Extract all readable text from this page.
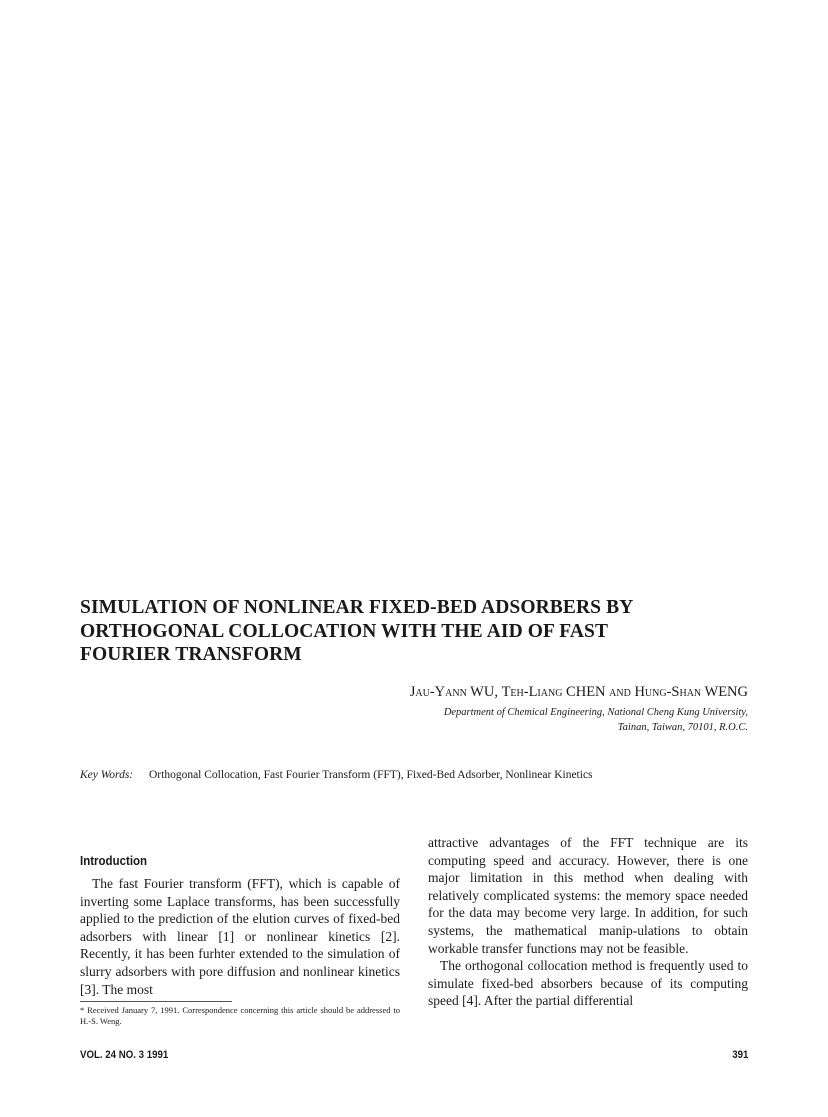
SIMULATION OF NONLINEAR FIXED-BED ADSORBERS BY
ORTHOGONAL COLLOCATION WITH THE AID OF FAST
FOURIER TRANSFORM
Jau-Yann WU, Teh-Liang CHEN and Hung-Shan WENG
Department of Chemical Engineering, National Cheng Kung University,
Tainan, Taiwan, 70101, R.O.C.
Key Words: Orthogonal Collocation, Fast Fourier Transform (FFT), Fixed-Bed Adsorber, Nonlinear Kinetics
Introduction

The fast Fourier transform (FFT), which is capable of inverting some Laplace transforms, has been successfully applied to the prediction of the elution curves of fixed-bed adsorbers with linear [1] or nonlinear kinetics [2]. Recently, it has been furhter extended to the simulation of slurry adsorbers with pore diffusion and nonlinear kinetics [3]. The most

attractive advantages of the FFT technique are its computing speed and accuracy. However, there is one major limitation in this method when dealing with relatively complicated systems: the memory space needed for the data may become very large. In addition, for such systems, the mathematical manip-ulations to obtain workable transfer functions may not be feasible.

The orthogonal collocation method is frequently used to simulate fixed-bed absorbers because of its computing speed [4]. After the partial differential

* Received January 7, 1991. Correspondence concerning this article should be addressed to H.-S. Weng.
VOL. 24 NO. 3 1991	391
